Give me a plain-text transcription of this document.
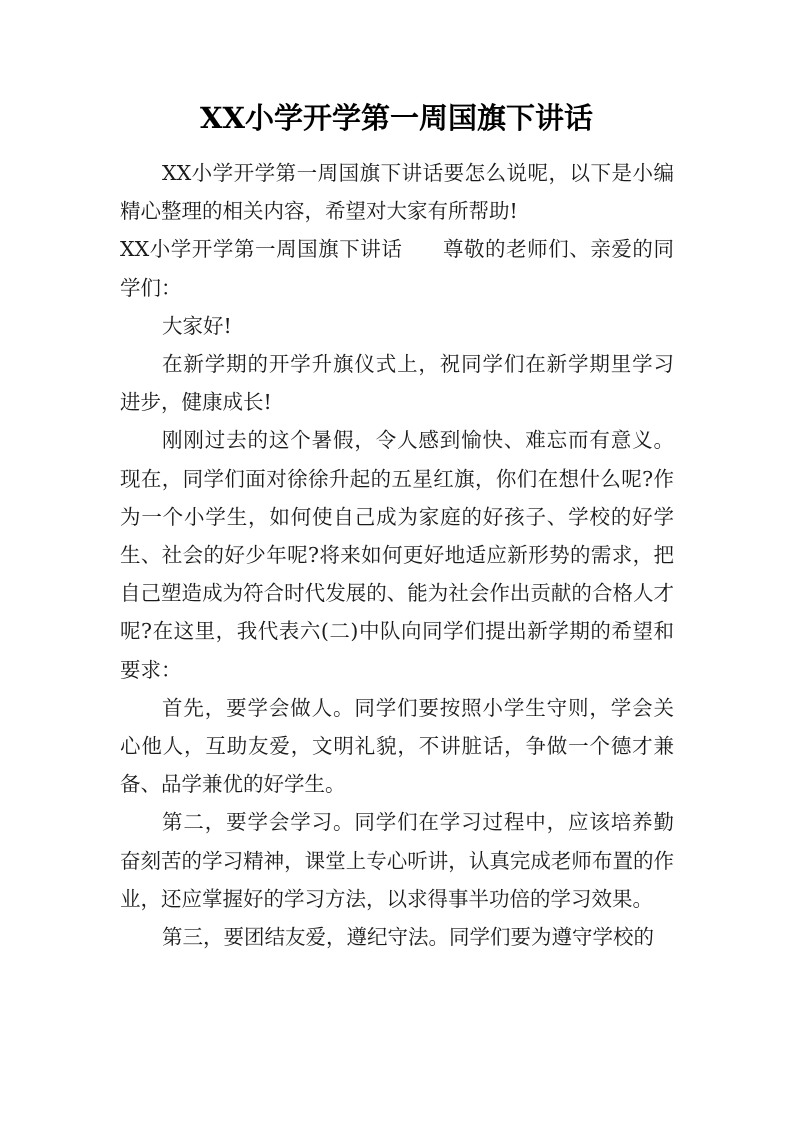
XX小学开学第一周国旗下讲话

XX小学开学第一周国旗下讲话要怎么说呢，以下是小编精心整理的相关内容，希望对大家有所帮助!

XX小学开学第一周国旗下讲话 尊敬的老师们、亲爱的同学们：

大家好!

在新学期的开学升旗仪式上，祝同学们在新学期里学习进步，健康成长!

刚刚过去的这个暑假，令人感到愉快、难忘而有意义。现在，同学们面对徐徐升起的五星红旗，你们在想什么呢?作为一个小学生，如何使自己成为家庭的好孩子、学校的好学生、社会的好少年呢?将来如何更好地适应新形势的需求，把自己塑造成为符合时代发展的、能为社会作出贡献的合格人才呢?在这里，我代表六(二)中队向同学们提出新学期的希望和要求：

首先，要学会做人。同学们要按照小学生守则，学会关心他人，互助友爱，文明礼貌，不讲脏话，争做一个德才兼备、品学兼优的好学生。

第二，要学会学习。同学们在学习过程中，应该培养勤奋刻苦的学习精神，课堂上专心听讲，认真完成老师布置的作业，还应掌握好的学习方法，以求得事半功倍的学习效果。

第三，要团结友爱，遵纪守法。同学们要为遵守学校的
